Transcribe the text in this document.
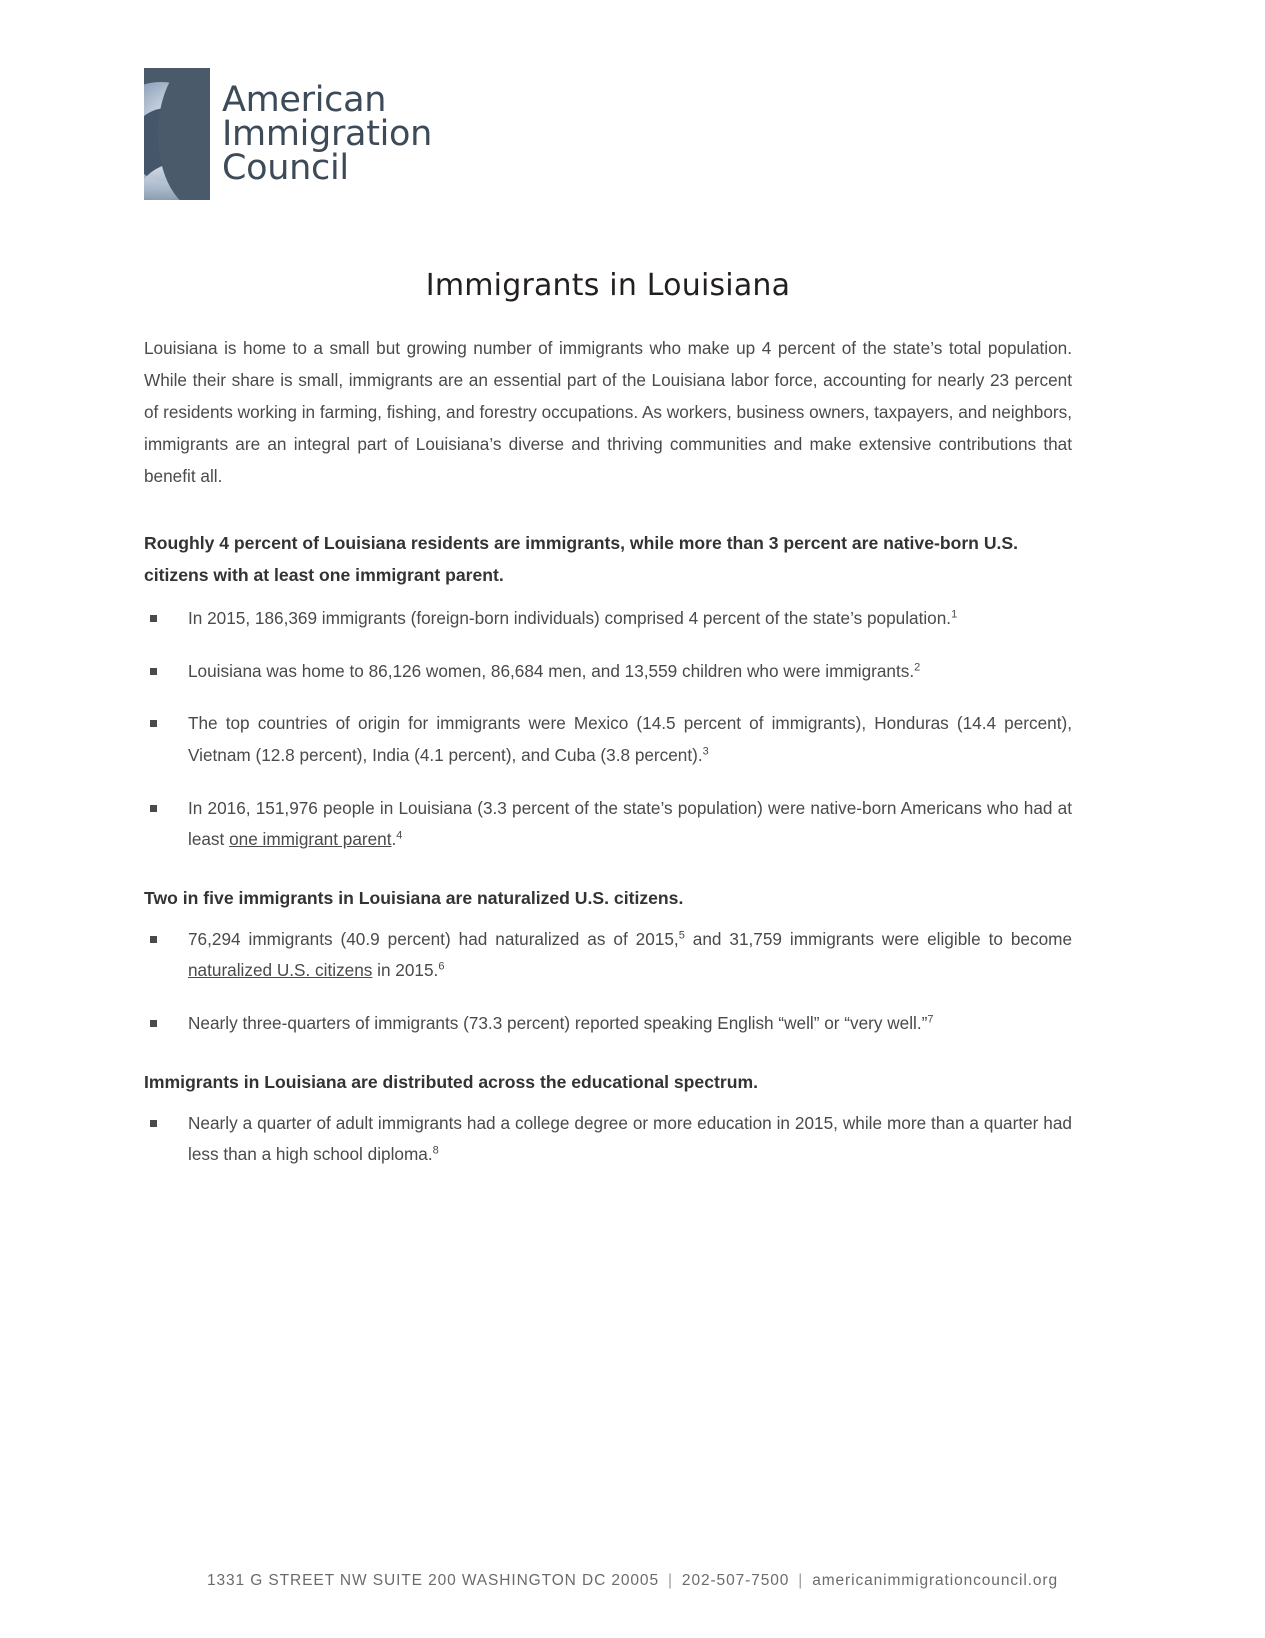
American
Immigration
Council
Immigrants in Louisiana

Louisiana is home to a small but growing number of immigrants who make up 4 percent of the state’s total population. While their share is small, immigrants are an essential part of the Louisiana labor force, accounting for nearly 23 percent of residents working in farming, fishing, and forestry occupations. As workers, business owners, taxpayers, and neighbors, immigrants are an integral part of Louisiana’s diverse and thriving communities and make extensive contributions that benefit all.

Roughly 4 percent of Louisiana residents are immigrants, while more than 3 percent are native-born U.S. citizens with at least one immigrant parent.
In 2015, 186,369 immigrants (foreign-born individuals) comprised 4 percent of the state’s population.$^1$
Louisiana was home to 86,126 women, 86,684 men, and 13,559 children who were immigrants.$^2$
The top countries of origin for immigrants were Mexico (14.5 percent of immigrants), Honduras (14.4 percent), Vietnam (12.8 percent), India (4.1 percent), and Cuba (3.8 percent).$^3$
In 2016, 151,976 people in Louisiana (3.3 percent of the state’s population) were native-born Americans who had at least one immigrant parent.$^4$
Two in five immigrants in Louisiana are naturalized U.S. citizens.
76,294 immigrants (40.9 percent) had naturalized as of 2015,$^5$ and 31,759 immigrants were eligible to become naturalized U.S. citizens in 2015.$^6$
Nearly three-quarters of immigrants (73.3 percent) reported speaking English “well” or “very well.”$^7$
Immigrants in Louisiana are distributed across the educational spectrum.
Nearly a quarter of adult immigrants had a college degree or more education in 2015, while more than a quarter had less than a high school diploma.$^8$
1331 G STREET NW SUITE 200 WASHINGTON DC 20005 | 202-507-7500 | americanimmigrationcouncil.org
